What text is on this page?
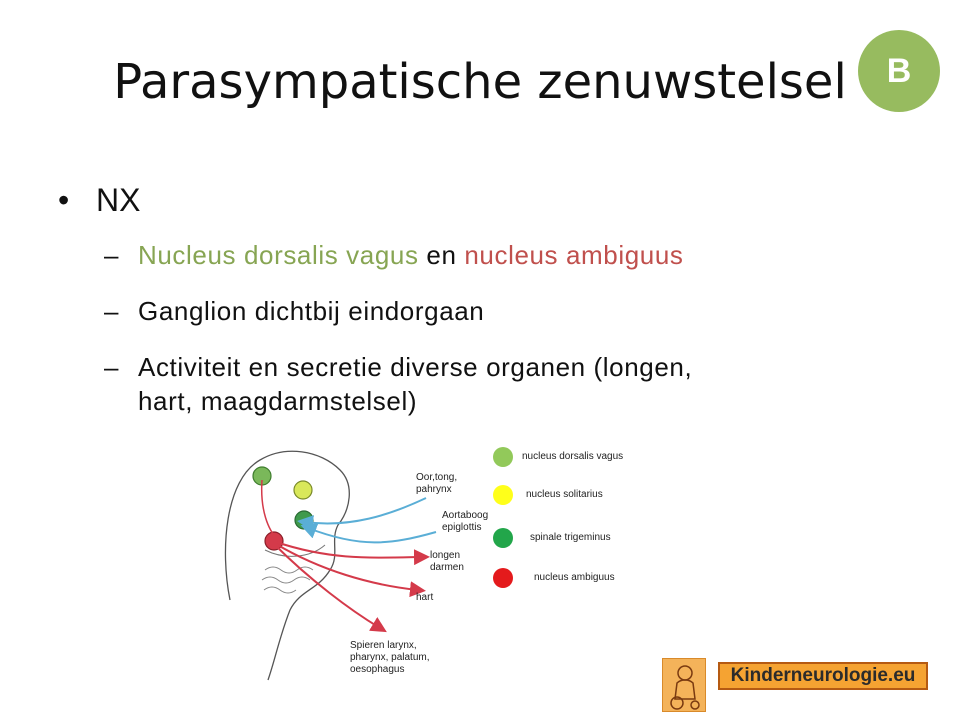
Parasympatische zenuwstelsel	B
• NX
– Nucleus dorsalis vagus en nucleus ambiguus
– Ganglion dichtbij eindorgaan
– Activiteit en secretie diverse organen (longen,
hart, maagdarmstelsel)
Oor,tong,
pahrynx
Aortaboog
epiglottis
longen
darmen
hart
Spieren larynx,
pharynx, palatum,
oesophagus
nucleus dorsalis vagus
nucleus solitarius
spinale trigeminus
nucleus ambiguus
Kinderneurologie.eu
